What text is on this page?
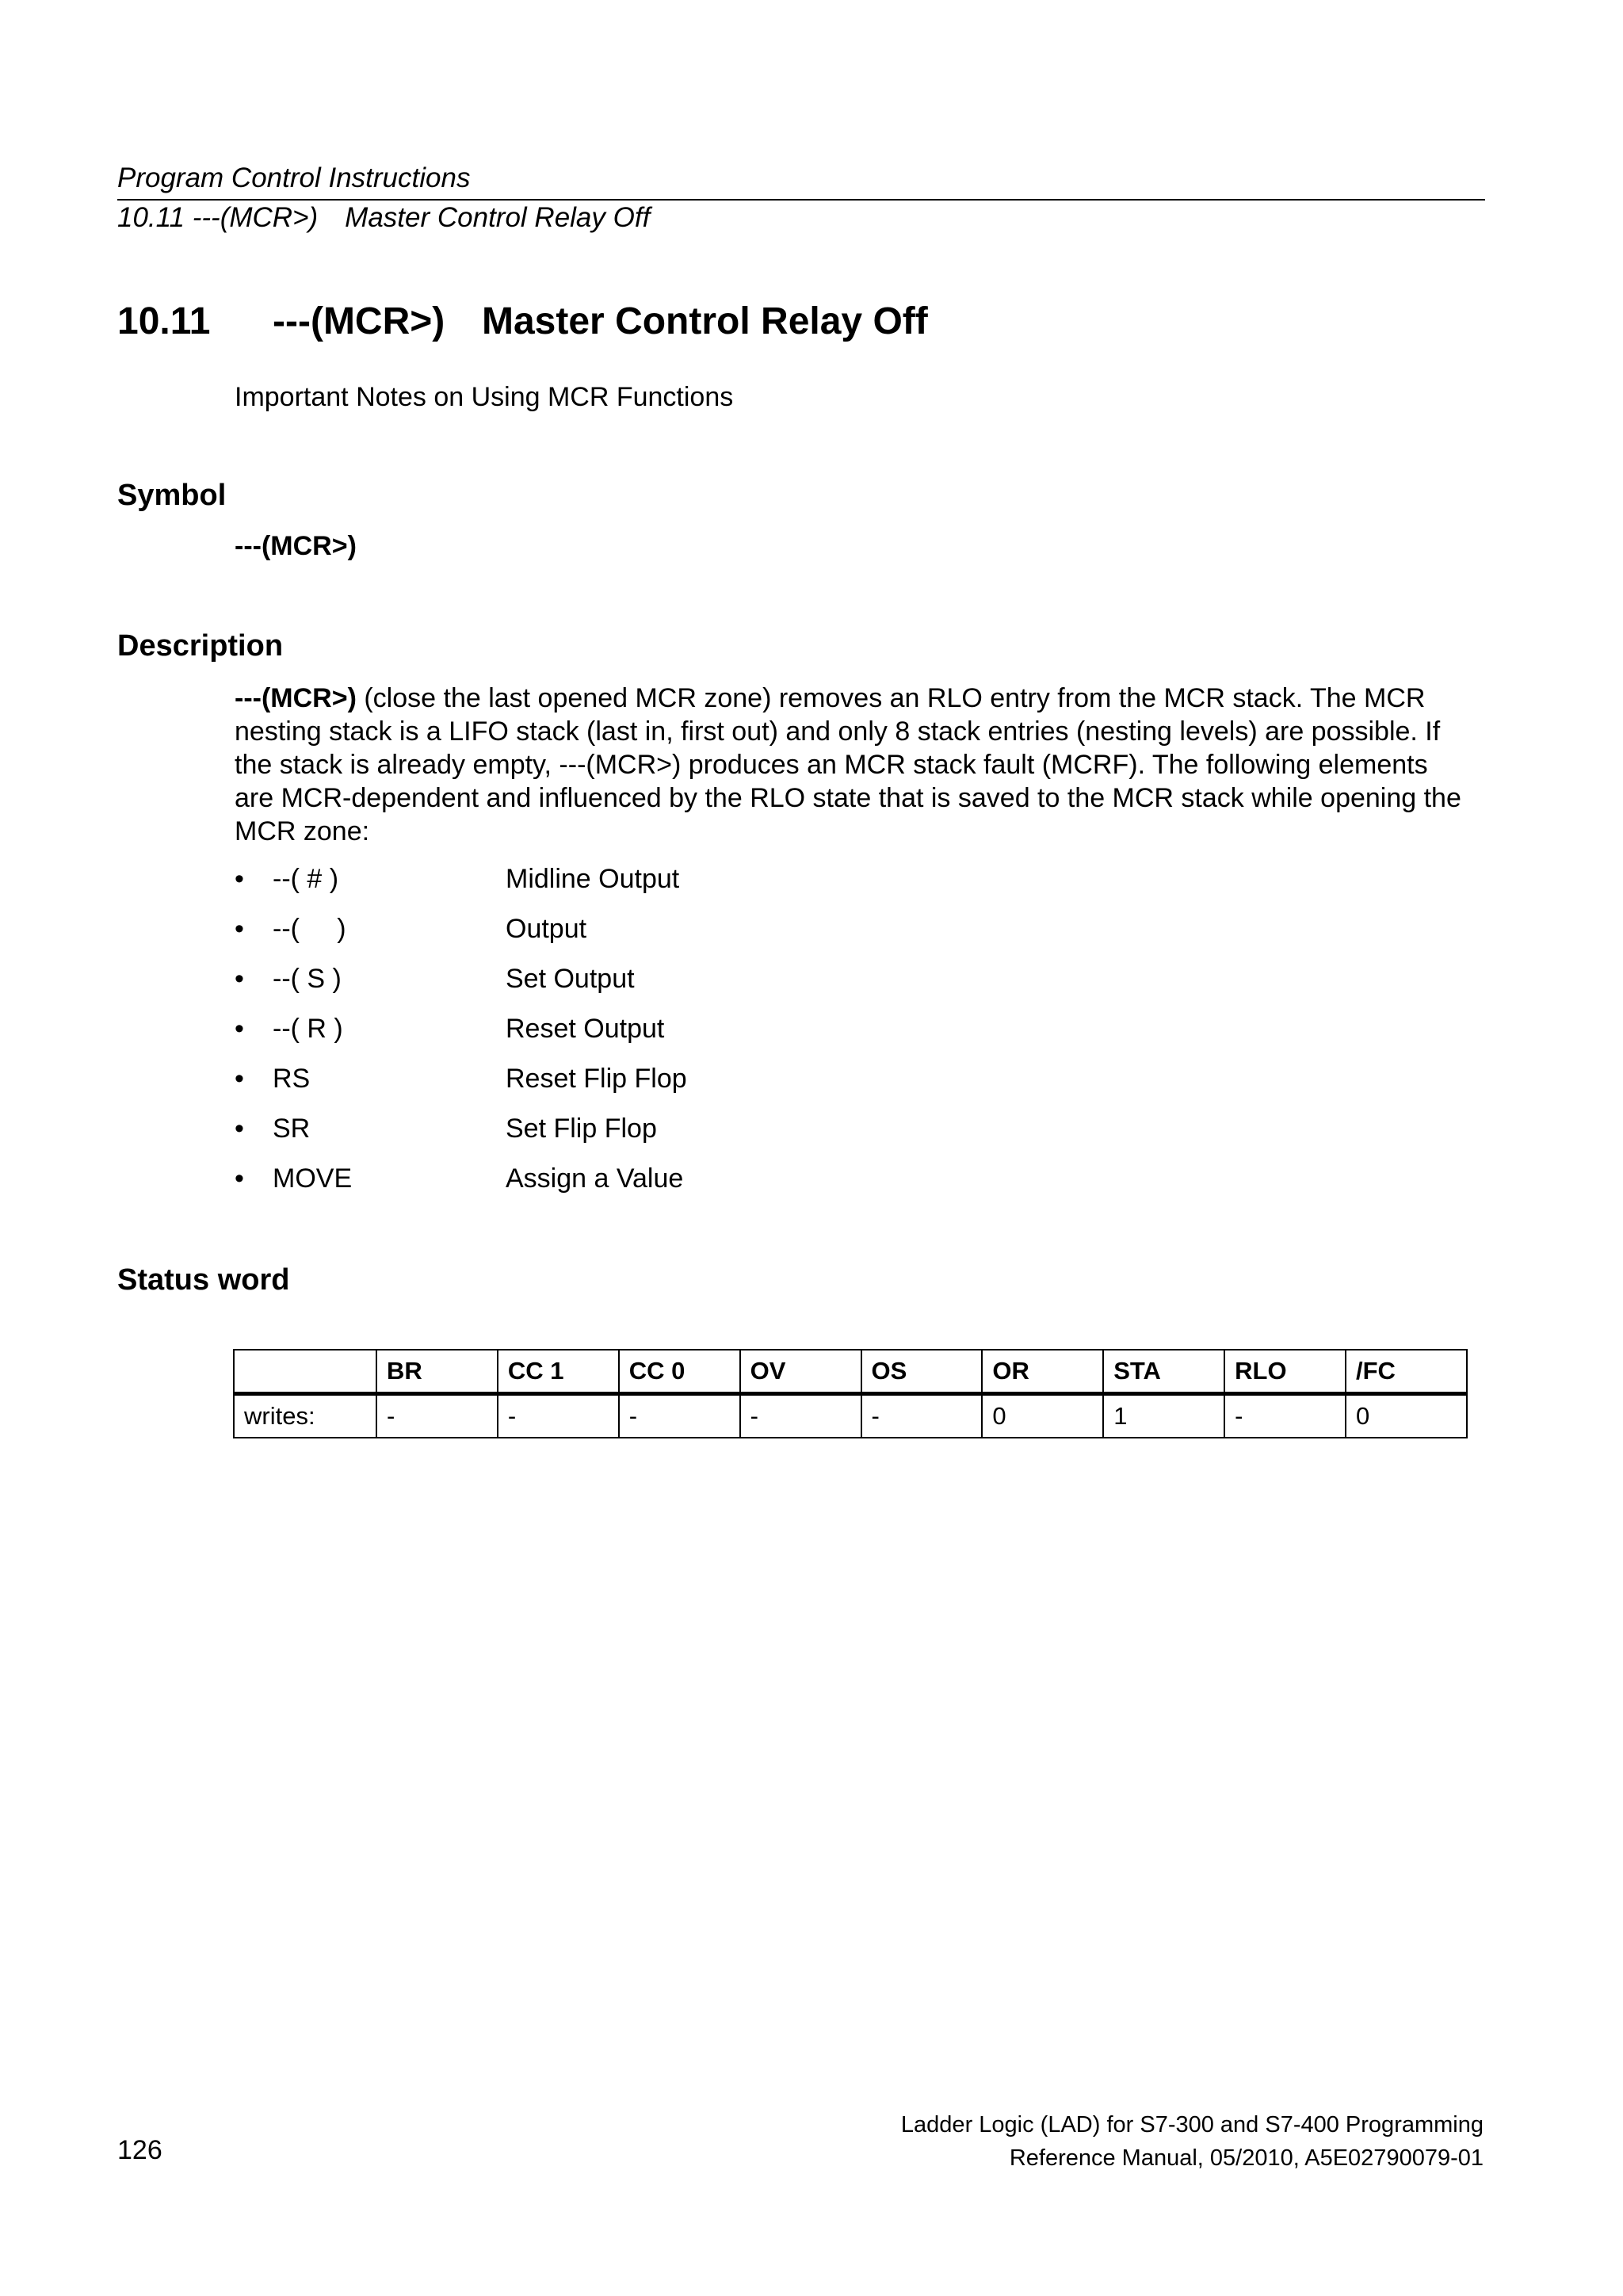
Program Control Instructions
10.11 ---(MCR>) Master Control Relay Off
10.11 ---(MCR>) Master Control Relay Off
Important Notes on Using MCR Functions
Symbol
---(MCR>)
Description

---(MCR>) (close the last opened MCR zone) removes an RLO entry from the MCR stack. The MCR nesting stack is a LIFO stack (last in, first out) and only 8 stack entries (nesting levels) are possible. If the stack is already empty, ---(MCR>) produces an MCR stack fault (MCRF). The following elements are MCR-dependent and influenced by the RLO state that is saved to the MCR stack while opening the MCR zone:

•	--( # )	Midline Output
•	--(     )	Output
•	--( S )	Set Output
•	--( R )	Reset Output
•	RS	Reset Flip Flop
•	SR	Set Flip Flop
•	MOVE	Assign a Value
Status word
	BR	CC 1	CC 0	OV	OS	OR	STA	RLO	/FC
writes:	-	-	-	-	-	0	1	-	0
126
Ladder Logic (LAD) for S7-300 and S7-400 Programming
Reference Manual, 05/2010, A5E02790079-01
